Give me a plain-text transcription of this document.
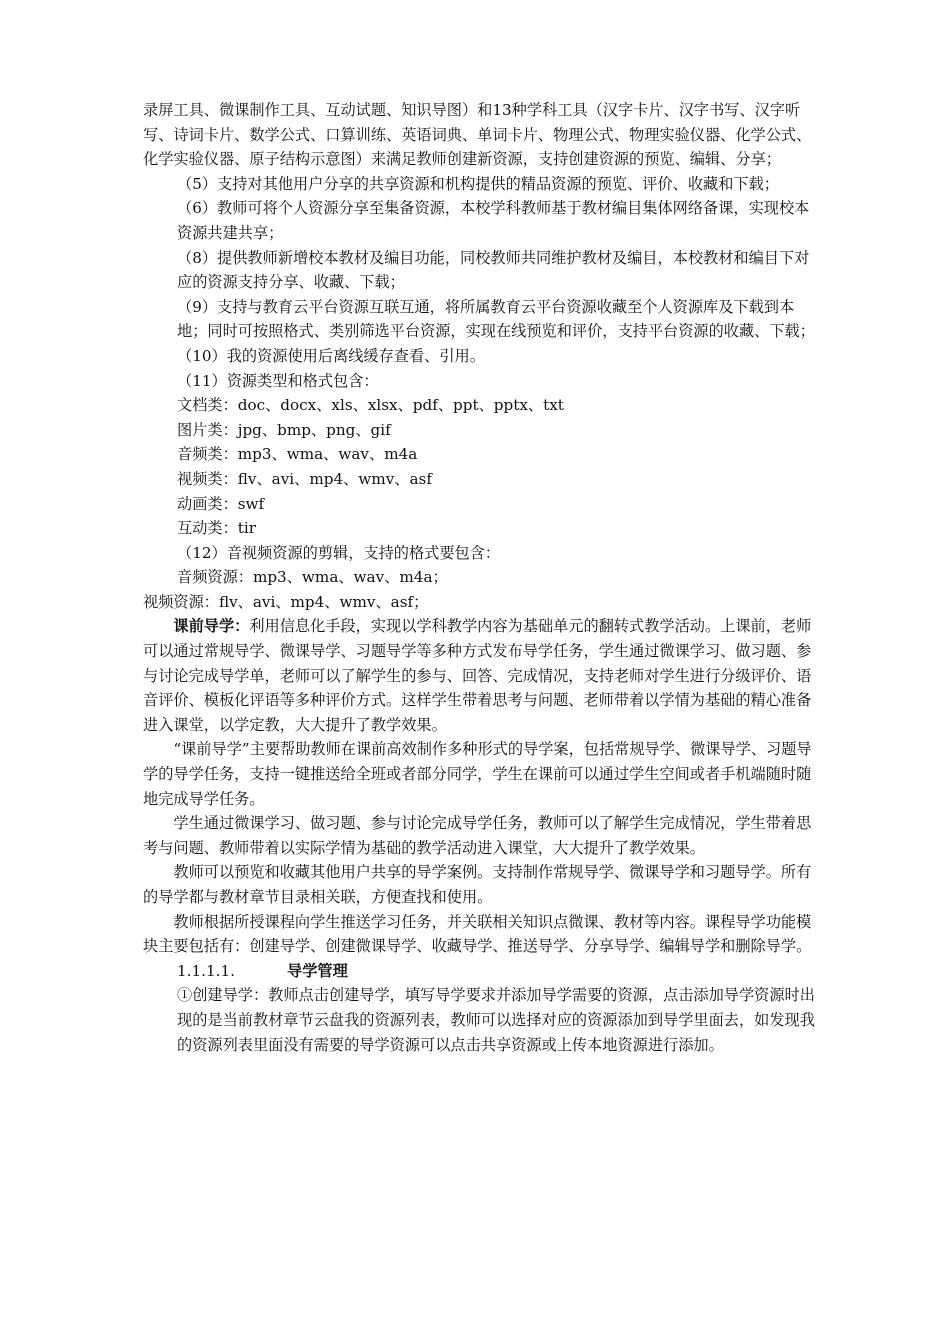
录屏工具、微课制作工具、互动试题、知识导图）和13种学科工具（汉字卡片、汉字书写、汉字听写、诗词卡片、数学公式、口算训练、英语词典、单词卡片、物理公式、物理实验仪器、化学公式、化学实验仪器、原子结构示意图）来满足教师创建新资源，支持创建资源的预览、编辑、分享；

（5）支持对其他用户分享的共享资源和机构提供的精品资源的预览、评价、收藏和下载；

（6）教师可将个人资源分享至集备资源，本校学科教师基于教材编目集体网络备课，实现校本资源共建共享；

（8）提供教师新增校本教材及编目功能，同校教师共同维护教材及编目，本校教材和编目下对应的资源支持分享、收藏、下载；

（9）支持与教育云平台资源互联互通，将所属教育云平台资源收藏至个人资源库及下载到本地；同时可按照格式、类别筛选平台资源，实现在线预览和评价，支持平台资源的收藏、下载；

（10）我的资源使用后离线缓存查看、引用。

（11）资源类型和格式包含：

文档类：doc、docx、xls、xlsx、pdf、ppt、pptx、txt

图片类：jpg、bmp、png、gif

音频类：mp3、wma、wav、m4a

视频类：flv、avi、mp4、wmv、asf

动画类：swf

互动类：tir

（12）音视频资源的剪辑，支持的格式要包含：

音频资源：mp3、wma、wav、m4a；

视频资源：flv、avi、mp4、wmv、asf；

课前导学：利用信息化手段，实现以学科教学内容为基础单元的翻转式教学活动。上课前，老师可以通过常规导学、微课导学、习题导学等多种方式发布导学任务，学生通过微课学习、做习题、参与讨论完成导学单，老师可以了解学生的参与、回答、完成情况，支持老师对学生进行分级评价、语音评价、模板化评语等多种评价方式。这样学生带着思考与问题、老师带着以学情为基础的精心准备进入课堂，以学定教，大大提升了教学效果。

“课前导学”主要帮助教师在课前高效制作多种形式的导学案，包括常规导学、微课导学、习题导学的导学任务，支持一键推送给全班或者部分同学，学生在课前可以通过学生空间或者手机端随时随地完成导学任务。

学生通过微课学习、做习题、参与讨论完成导学任务，教师可以了解学生完成情况，学生带着思考与问题、教师带着以实际学情为基础的教学活动进入课堂，大大提升了教学效果。

教师可以预览和收藏其他用户共享的导学案例。支持制作常规导学、微课导学和习题导学。所有的导学都与教材章节目录相关联，方便查找和使用。

教师根据所授课程向学生推送学习任务，并关联相关知识点微课、教材等内容。课程导学功能模块主要包括有：创建导学、创建微课导学、收藏导学、推送导学、分享导学、编辑导学和删除导学。

1.1.1.1.	导学管理

①创建导学：教师点击创建导学，填写导学要求并添加导学需要的资源，点击添加导学资源时出现的是当前教材章节云盘我的资源列表，教师可以选择对应的资源添加到导学里面去，如发现我的资源列表里面没有需要的导学资源可以点击共享资源或上传本地资源进行添加。
